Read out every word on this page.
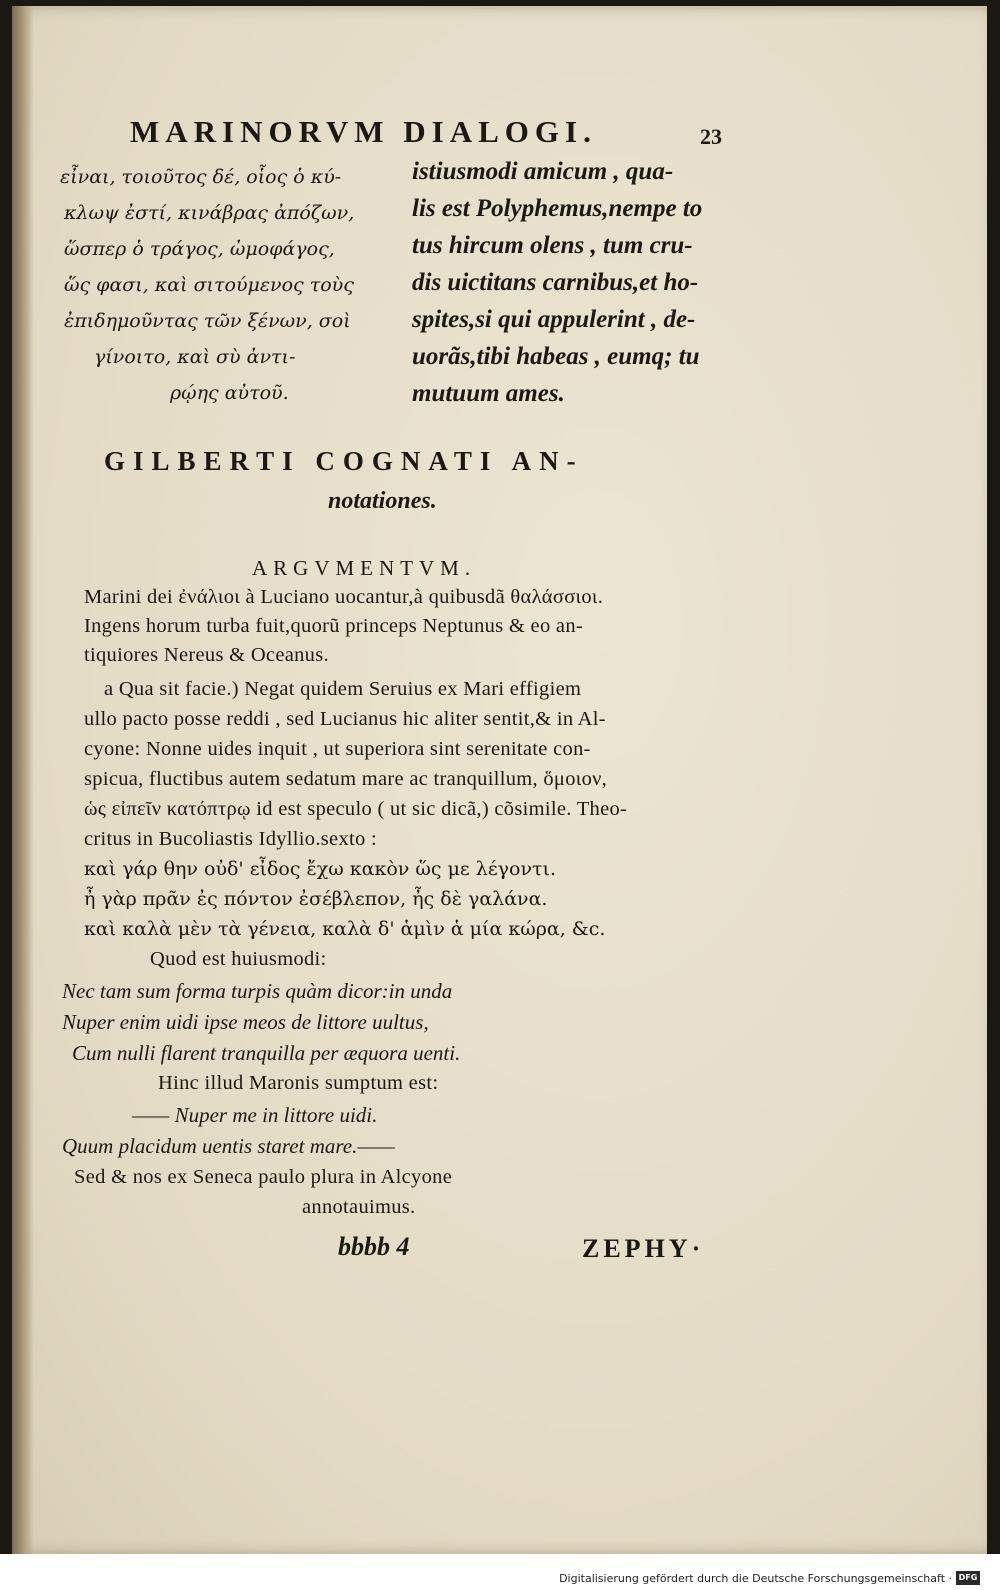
MARINORVM DIALOGI.	23
εἶναι, τοιοῦτος δέ, οἷος ὁ κύ-
κλωψ ἐστί, κινάβρας ἀπόζων,
ὥσπερ ὁ τράγος, ὠμοφάγος,
ὥς φασι, καὶ σιτούμενος τοὺς
ἐπιδημοῦντας τῶν ξένων, σοὶ
γίνοιτο, καὶ σὺ ἀντι-
ρῴης αὐτοῦ.
istiusmodi amicum , qua-
lis est Polyphemus,nempe to
tus hircum olens , tum cru-
dis uictitans carnibus,et ho-
spites,si qui appulerint , de-
uorãs,tibi habeas , eumq; tu
mutuum ames.
GILBERTI COGNATI AN-
notationes.
ARGVMENTVM.
Marini dei ἐνάλιοι à Luciano uocantur,à quibusdã θαλάσσιοι.
Ingens horum turba fuit,quorũ princeps Neptunus & eo an-
tiquiores Nereus & Oceanus.
a Qua sit facie.) Negat quidem Seruius ex Mari effigiem
ullo pacto posse reddi , sed Lucianus hic aliter sentit,& in Al-
cyone: Nonne uides inquit , ut superiora sint serenitate con-
spicua, fluctibus autem sedatum mare ac tranquillum, ὅμοιον,
ὡς εἰπεῖν κατόπτρῳ id est speculo ( ut sic dicã,) cõsimile. Theo-
critus in Bucoliastis Idyllio.sexto :
καὶ γάρ θην οὐδ' εἶδος ἔχω κακὸν ὥς με λέγοντι.
ἦ γὰρ πρᾶν ἐς πόντον ἐσέβλεπον, ἦς δὲ γαλάνα.
καὶ καλὰ μὲν τὰ γένεια, καλὰ δ' ἁμὶν ἁ μία κώρα, &c.
Quod est huiusmodi:
Nec tam sum forma turpis quàm dicor:in unda
Nuper enim uidi ipse meos de littore uultus,
Cum nulli flarent tranquilla per æquora uenti.
Hinc illud Maronis sumptum est:
—— Nuper me in littore uidi.
Quum placidum uentis staret mare.——
Sed & nos ex Seneca paulo plura in Alcyone
annotauimus.
bbbb 4	ZEPHY·
Digitalisierung gefördert durch die Deutsche Forschungsgemeinschaft · DFG
